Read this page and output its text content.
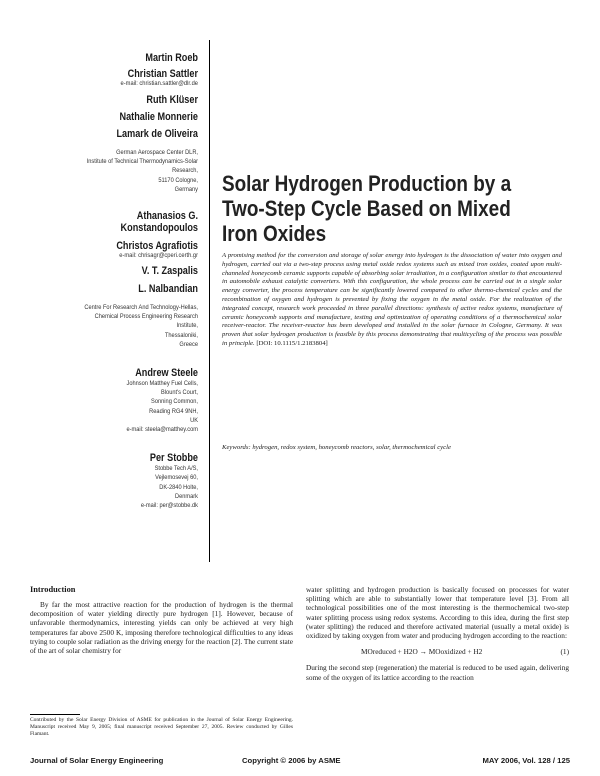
Martin Roeb
Christian Sattler
e-mail: christian.sattler@dlr.de
Ruth Klüser
Nathalie Monnerie
Lamark de Oliveira
German Aerospace Center DLR,
Institute of Technical Thermodynamics-Solar
Research,
51170 Cologne,
Germany
Athanasios G.
Konstandopoulos
Christos Agrafiotis
e-mail: chrisagr@cperi.certh.gr
V. T. Zaspalis
L. Nalbandian
Centre For Research And Technology-Hellas,
Chemical Process Engineering Research
Institute,
Thessaloniki,
Greece
Andrew Steele
Johnson Matthey Fuel Cells,
Blount's Court,
Sonning Common,
Reading RG4 9NH,
UK
e-mail: steela@matthey.com
Per Stobbe
Stobbe Tech A/S,
Vejlemosevej 60,
DK-2840 Holte,
Denmark
e-mail: per@stobbe.dk
Solar Hydrogen Production by a
Two-Step Cycle Based on Mixed
Iron Oxides
A promising method for the conversion and storage of solar energy into hydrogen is the dissociation of water into oxygen and hydrogen, carried out via a two-step process using metal oxide redox systems such as mixed iron oxides, coated upon multi-channeled honeycomb ceramic supports capable of absorbing solar irradiation, in a configuration similar to that encountered in automobile exhaust catalytic converters. With this configuration, the whole process can be carried out in a single solar energy converter, the process temperature can be significantly lowered compared to other thermo-chemical cycles and the recombination of oxygen and hydrogen is prevented by fixing the oxygen in the metal oxide. For the realization of the integrated concept, research work proceeded in three parallel directions: synthesis of active redox systems, manufacture of ceramic honeycomb supports and manufacture, testing and optimization of operating conditions of a thermochemical solar receiver-reactor. The receiver-reactor has been developed and installed in the solar furnace in Cologne, Germany. It was proven that solar hydrogen production is feasible by this process demonstrating that multicycling of the process was possible in principle. [DOI: 10.1115/1.2183804]
Keywords: hydrogen, redox system, honeycomb reactors, solar, thermochemical cycle
Introduction

By far the most attractive reaction for the production of hydrogen is the thermal decomposition of water yielding directly pure hydrogen [1]. However, because of unfavorable thermodynamics, interesting yields can only be achieved at very high temperatures far above 2500 K, imposing therefore technological difficulties to any ideas trying to couple solar radiation as the driving energy for the reaction [2]. The current state of the art of solar chemistry for

water splitting and hydrogen production is basically focused on processes for water splitting which are able to substantially lower that temperature level [3]. From all technological possibilities one of the most interesting is the thermochemical two-step water splitting process using redox systems. According to this idea, during the first step (water splitting) the reduced and therefore activated material (usually a metal oxide) is oxidized by taking oxygen from water and producing hydrogen according to the reaction:

MOreduced + H2O → MOoxidized + H2	(1)

During the second step (regeneration) the material is reduced to be used again, delivering some of the oxygen of its lattice according to the reaction

Contributed by the Solar Energy Division of ASME for publication in the Journal of Solar Energy Engineering. Manuscript received May 9, 2005; final manuscript received September 27, 2005. Review conducted by Gilles Flamant.
Journal of Solar Energy Engineering	Copyright © 2006 by ASME	MAY 2006, Vol. 128 / 125
